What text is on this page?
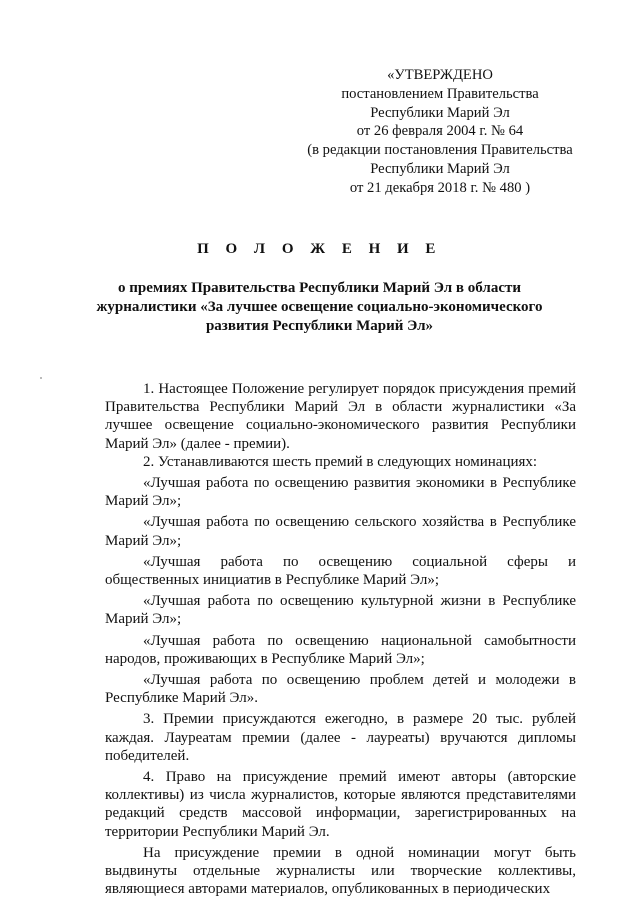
«УТВЕРЖДЕНО
постановлением Правительства
Республики Марий Эл
от 26 февраля 2004 г. № 64
(в редакции постановления Правительства
Республики Марий Эл
от 21 декабря 2018 г. № 480 )
П О Л О Ж Е Н И Е
о премиях Правительства Республики Марий Эл в области
журналистики «За лучшее освещение социально-экономического
развития Республики Марий Эл»

1. Настоящее Положение регулирует порядок присуждения премий Правительства Республики Марий Эл в области журналистики «За лучшее освещение социально-экономического развития Республики Марий Эл» (далее - премии).

2. Устанавливаются шесть премий в следующих номинациях:

«Лучшая работа по освещению развития экономики в Республике Марий Эл»;

«Лучшая работа по освещению сельского хозяйства в Республике Марий Эл»;

«Лучшая работа по освещению социальной сферы и общественных инициатив в Республике Марий Эл»;

«Лучшая работа по освещению культурной жизни в Республике Марий Эл»;

«Лучшая работа по освещению национальной самобытности народов, проживающих в Республике Марий Эл»;

«Лучшая работа по освещению проблем детей и молодежи в Республике Марий Эл».

3. Премии присуждаются ежегодно, в размере 20 тыс. рублей каждая. Лауреатам премии (далее - лауреаты) вручаются дипломы победителей.

4. Право на присуждение премий имеют авторы (авторские коллективы) из числа журналистов, которые являются представителями редакций средств массовой информации, зарегистрированных на территории Республики Марий Эл.

На присуждение премии в одной номинации могут быть выдвинуты отдельные журналисты или творческие коллективы, являющиеся авторами материалов, опубликованных в периодических
